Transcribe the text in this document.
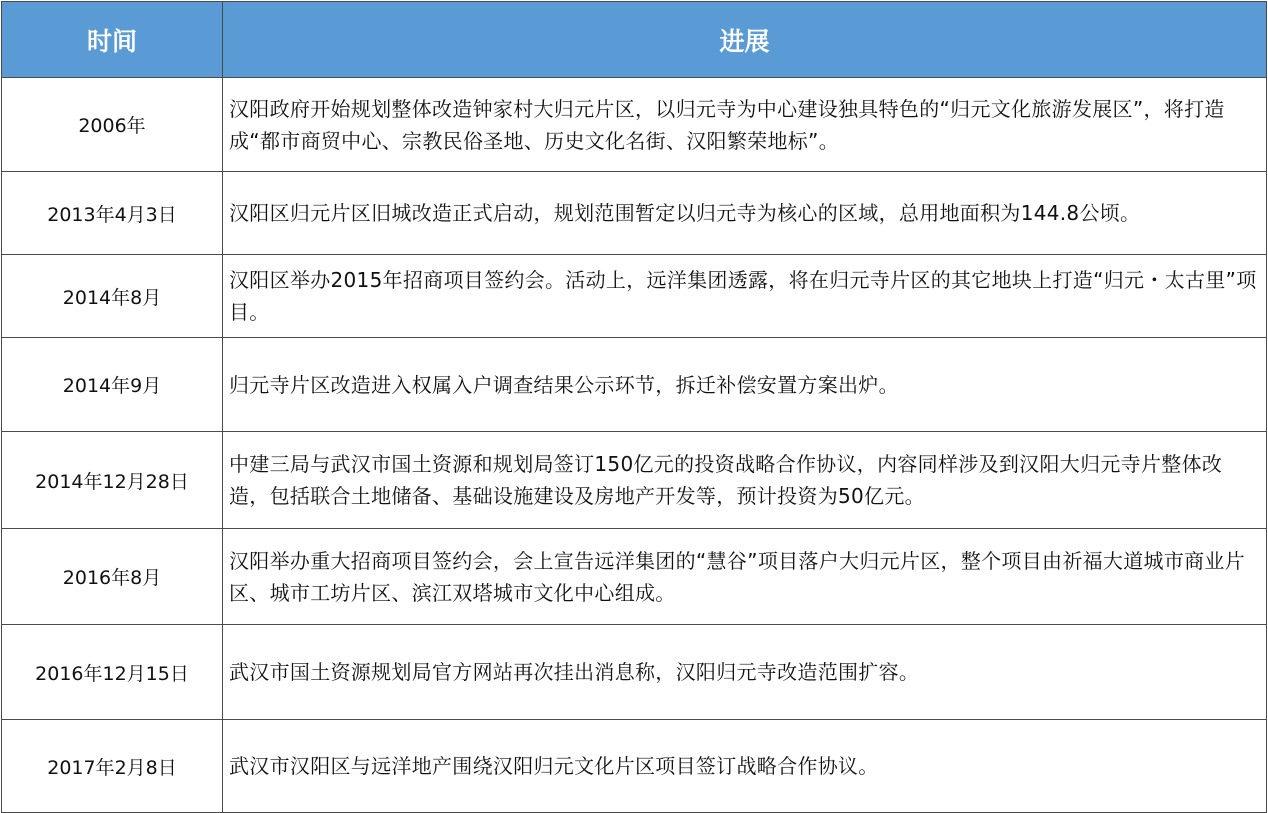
时间	进展
2006年	汉阳政府开始规划整体改造钟家村大归元片区，以归元寺为中心建设独具特色的“归元文化旅游发展区”，将打造成“都市商贸中心、宗教民俗圣地、历史文化名街、汉阳繁荣地标”。
2013年4月3日	汉阳区归元片区旧城改造正式启动，规划范围暂定以归元寺为核心的区域，总用地面积为144.8公顷。
2014年8月	汉阳区举办2015年招商项目签约会。活动上，远洋集团透露，将在归元寺片区的其它地块上打造“归元・太古里”项目。
2014年9月	归元寺片区改造进入权属入户调查结果公示环节，拆迁补偿安置方案出炉。
2014年12月28日	中建三局与武汉市国土资源和规划局签订150亿元的投资战略合作协议，内容同样涉及到汉阳大归元寺片整体改造，包括联合土地储备、基础设施建设及房地产开发等，预计投资为50亿元。
2016年8月	汉阳举办重大招商项目签约会，会上宣告远洋集团的“慧谷”项目落户大归元片区，整个项目由祈福大道城市商业片区、城市工坊片区、滨江双塔城市文化中心组成。
2016年12月15日	武汉市国土资源规划局官方网站再次挂出消息称，汉阳归元寺改造范围扩容。
2017年2月8日	武汉市汉阳区与远洋地产围绕汉阳归元文化片区项目签订战略合作协议。
